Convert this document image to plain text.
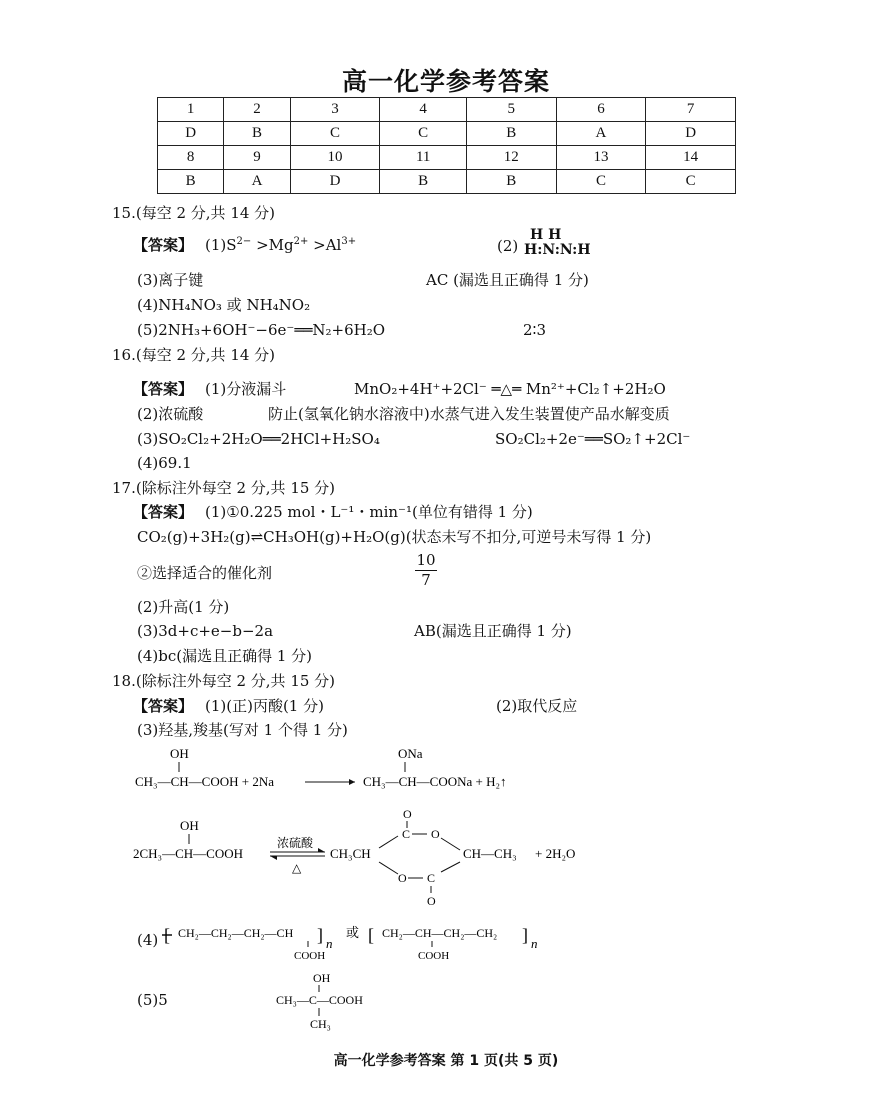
高一化学参考答案
1	2	3	4	5	6	7
D	B	C	C	B	A	D
8	9	10	11	12	13	14
B	A	D	B	B	C	C
15.(每空 2 分,共 14 分)
【答案】 $(1)S^{2-} >Mg^{2+} >Al^{3+}$	(2)
H H
H:N:N:H
(3)离子键	AC (漏选且正确得 1 分)
(4)NH₄NO₃ 或 NH₄NO₂
(5)2NH₃+6OH⁻−6e⁻══N₂+6H₂O	2∶3
16.(每空 2 分,共 14 分)
【答案】 (1)分液漏斗	MnO₂+4H⁺+2Cl⁻ ═△═ Mn²⁺+Cl₂↑+2H₂O
(2)浓硫酸	防止(氢氧化钠水溶液中)水蒸气进入发生装置使产品水解变质
(3)SO₂Cl₂+2H₂O══2HCl+H₂SO₄	SO₂Cl₂+2e⁻══SO₂↑+2Cl⁻
(4)69.1
17.(除标注外每空 2 分,共 15 分)
【答案】 (1)①0.225 mol・L⁻¹・min⁻¹(单位有错得 1 分)
CO₂(g)+3H₂(g)⇌CH₃OH(g)+H₂O(g)(状态未写不扣分,可逆号未写得 1 分)
②选择适合的催化剂
10
7
(2)升高(1 分)
(3)3d+c+e−b−2a	AB(漏选且正确得 1 分)
(4)bc(漏选且正确得 1 分)
18.(除标注外每空 2 分,共 15 分)
【答案】 (1)(正)丙酸(1 分)	(2)取代反应
(3)羟基,羧基(写对 1 个得 1 分)
OH
CH₃—CH—COOH + 2Na
ONa
CH₃—CH—COONa + H₂↑
OH
2CH₃—CH—COOH
浓硫酸
△
CH₃CH
O
C O
CH—CH₃
O C
O
+ 2H₂O
(4) [ CH₂—CH₂—CH₂—CH
COOH
] n
或 [ CH₂—CH—CH₂—CH₂
COOH
] n
(5)5
OH
CH₃—C—COOH
CH₃
高一化学参考答案 第 1 页(共 5 页)
